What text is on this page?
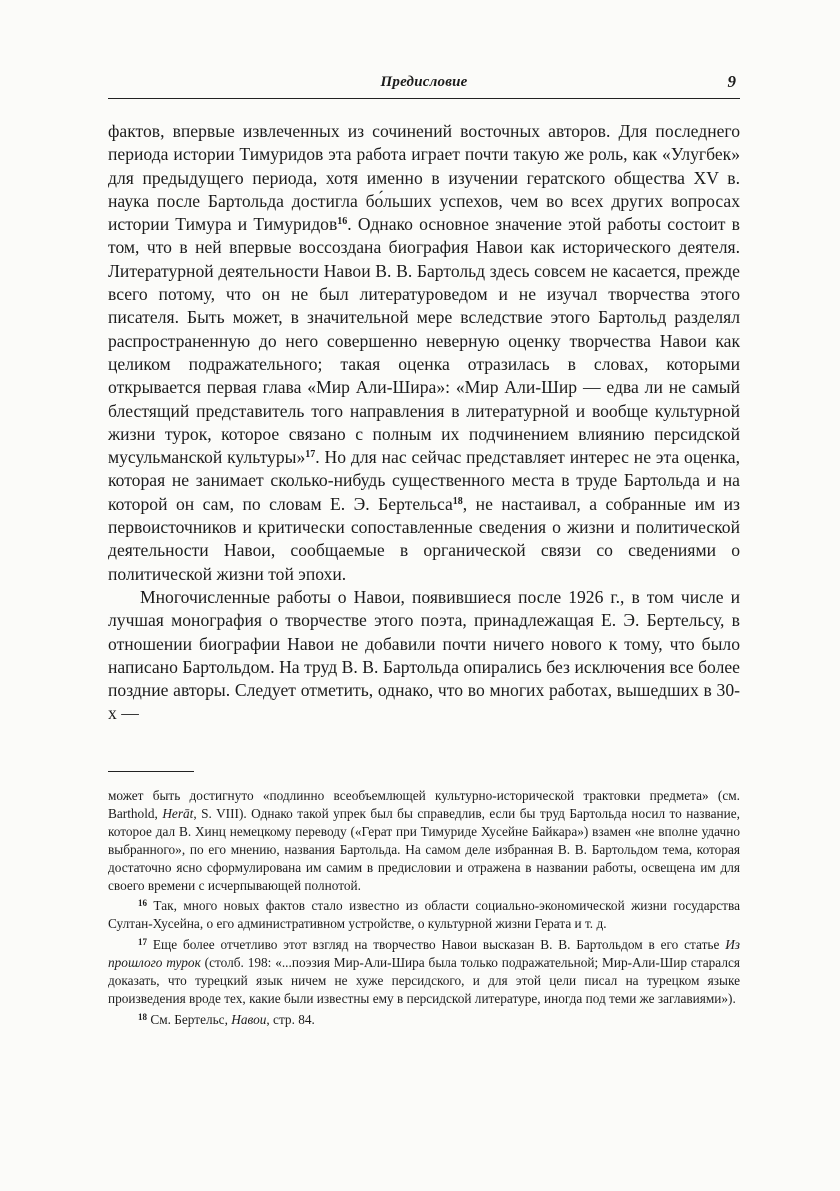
Предисловие	9

фактов, впервые извлеченных из сочинений восточных авторов. Для последнего периода истории Тимуридов эта работа играет почти такую же роль, как «Улугбек» для предыдущего периода, хотя именно в изучении гератского общества XV в. наука после Бартольда достигла бо́льших успехов, чем во всех других вопросах истории Тимура и Тимуридов$^{16}$. Однако основное значение этой работы состоит в том, что в ней впервые воссоздана биография Навои как исторического деятеля. Литературной деятельности Навои В. В. Бартольд здесь совсем не касается, прежде всего потому, что он не был литературоведом и не изучал творчества этого писателя. Быть может, в значительной мере вследствие этого Бартольд разделял распространенную до него совершенно неверную оценку творчества Навои как целиком подражательного; такая оценка отразилась в словах, которыми открывается первая глава «Мир Али-Шира»: «Мир Али-Шир — едва ли не самый блестящий представитель того направления в литературной и вообще культурной жизни турок, которое связано с полным их подчинением влиянию персидской мусульманской культуры»$^{17}$. Но для нас сейчас представляет интерес не эта оценка, которая не занимает сколько-нибудь существенного места в труде Бартольда и на которой он сам, по словам Е. Э. Бертельса$^{18}$, не настаивал, а собранные им из первоисточников и критически сопоставленные сведения о жизни и политической деятельности Навои, сообщаемые в органической связи со сведениями о политической жизни той эпохи.

Многочисленные работы о Навои, появившиеся после 1926 г., в том числе и лучшая монография о творчестве этого поэта, принадлежащая Е. Э. Бертельсу, в отношении биографии Навои не добавили почти ничего нового к тому, что было написано Бартольдом. На труд В. В. Бартольда опирались без исключения все более поздние авторы. Следует отметить, однако, что во многих работах, вышедших в 30-х —

может быть достигнуто «подлинно всеобъемлющей культурно-исторической трактовки предмета» (см. Barthold, Herāt, S. VIII). Однако такой упрек был бы справедлив, если бы труд Бартольда носил то название, которое дал В. Хинц немецкому переводу («Герат при Тимуриде Хусейне Байкара») взамен «не вполне удачно выбранного», по его мнению, названия Бартольда. На самом деле избранная В. В. Бартольдом тема, которая достаточно ясно сформулирована им самим в предисловии и отражена в названии работы, освещена им для своего времени с исчерпывающей полнотой.

$^{16}$ Так, много новых фактов стало известно из области социально-экономической жизни государства Султан-Хусейна, о его административном устройстве, о культурной жизни Герата и т. д.

$^{17}$ Еще более отчетливо этот взгляд на творчество Навои высказан В. В. Бартольдом в его статье Из прошлого турок (столб. 198: «...поэзия Мир-Али-Шира была только подражательной; Мир-Али-Шир старался доказать, что турецкий язык ничем не хуже персидского, и для этой цели писал на турецком языке произведения вроде тех, какие были известны ему в персидской литературе, иногда под теми же заглавиями»).

$^{18}$ См. Бертельс, Навои, стр. 84.
